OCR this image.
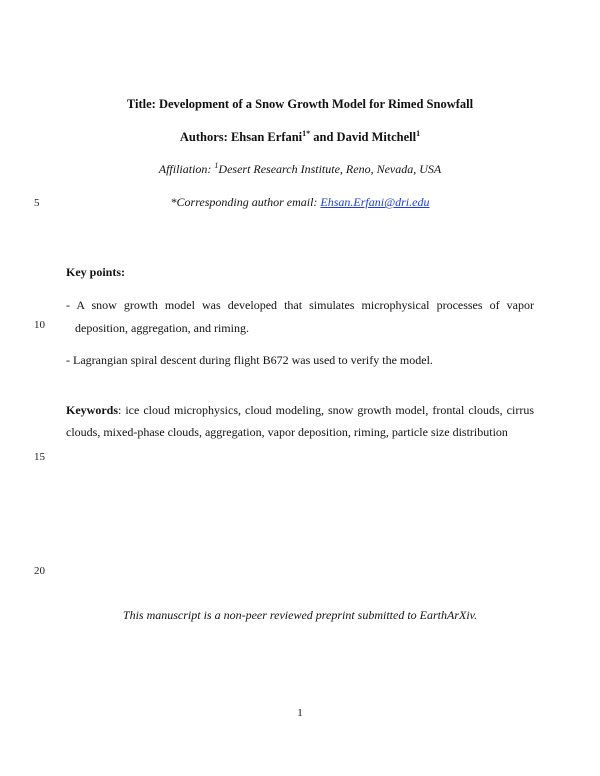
Title: Development of a Snow Growth Model for Rimed Snowfall
Authors: Ehsan Erfani$^{1*}$ and David Mitchell$^1$
Affiliation: $^1$Desert Research Institute, Reno, Nevada, USA
*Corresponding author email: Ehsan.Erfani@dri.edu
5
10
15
20
Key points:
- A snow growth model was developed that simulates microphysical processes of vapor
deposition, aggregation, and riming.
- Lagrangian spiral descent during flight B672 was used to verify the model.
Keywords: ice cloud microphysics, cloud modeling, snow growth model, frontal clouds, cirrus
clouds, mixed-phase clouds, aggregation, vapor deposition, riming, particle size distribution
This manuscript is a non-peer reviewed preprint submitted to EarthArXiv.
1
